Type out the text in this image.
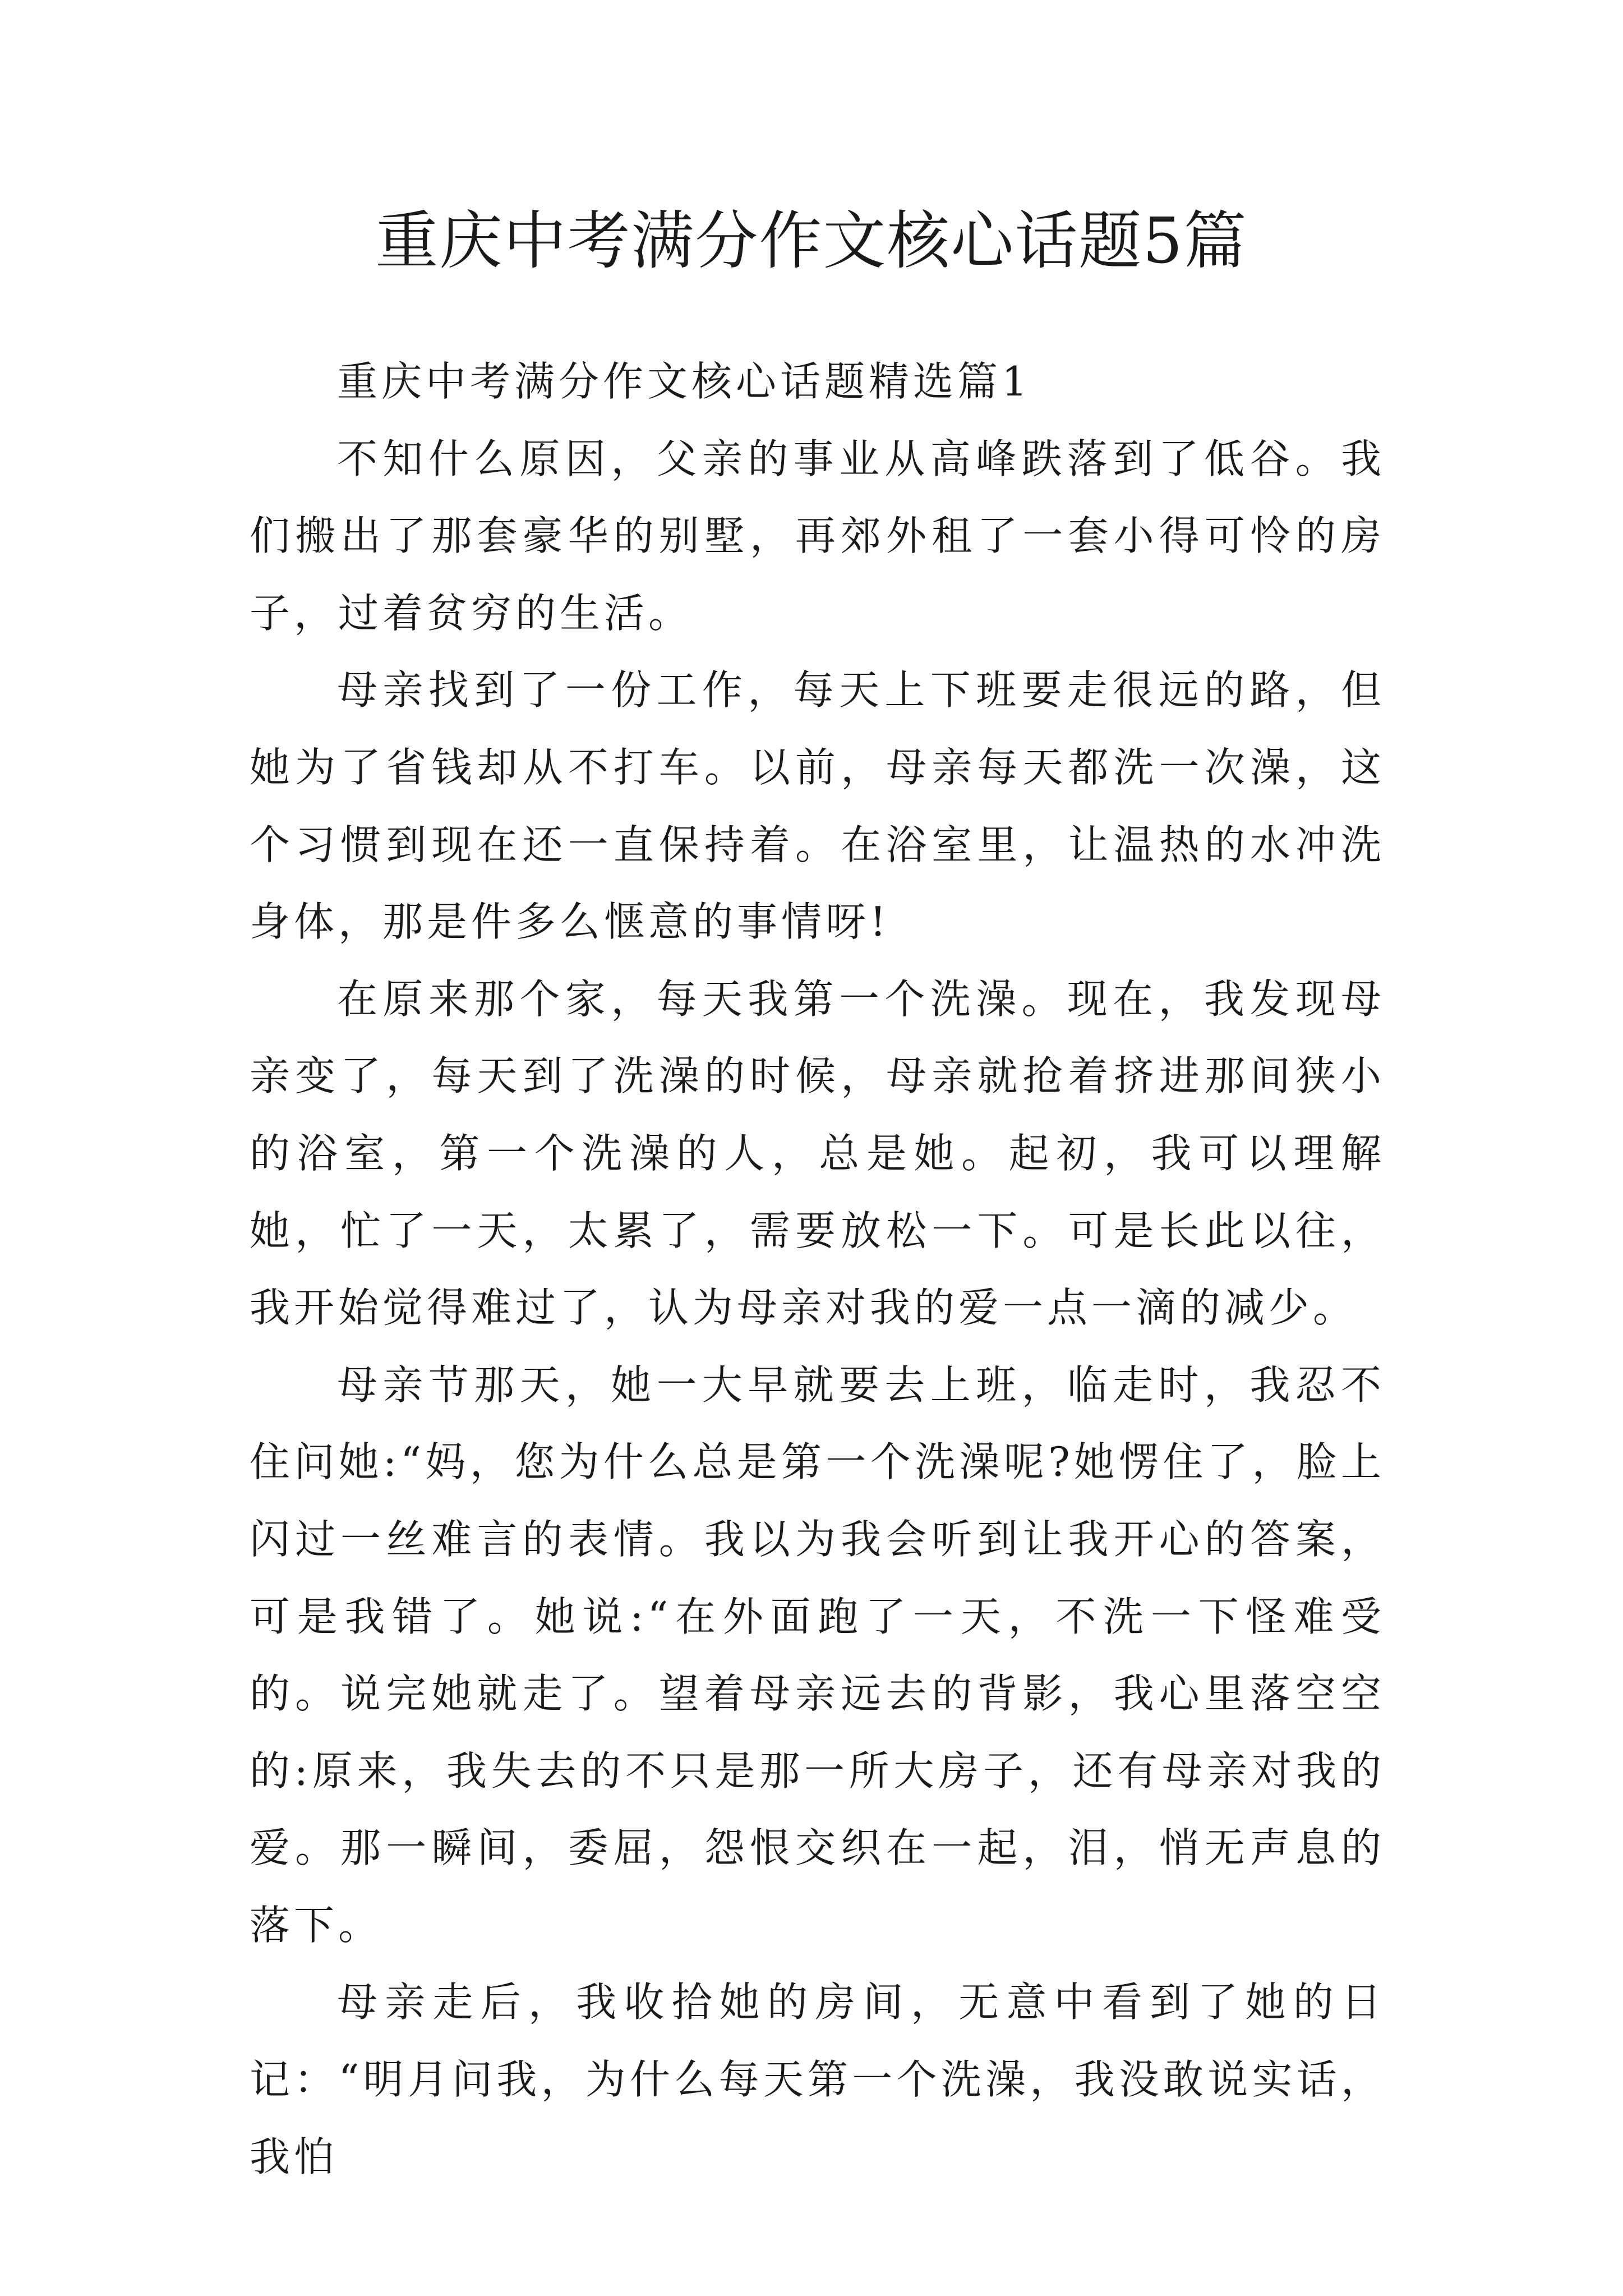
重庆中考满分作文核心话题5篇

重庆中考满分作文核心话题精选篇1

不知什么原因，父亲的事业从高峰跌落到了低谷。我们搬出了那套豪华的别墅，再郊外租了一套小得可怜的房子，过着贫穷的生活。

母亲找到了一份工作，每天上下班要走很远的路，但她为了省钱却从不打车。以前，母亲每天都洗一次澡，这个习惯到现在还一直保持着。在浴室里，让温热的水冲洗身体，那是件多么惬意的事情呀!

在原来那个家，每天我第一个洗澡。现在，我发现母亲变了，每天到了洗澡的时候，母亲就抢着挤进那间狭小的浴室，第一个洗澡的人，总是她。起初，我可以理解她，忙了一天，太累了，需要放松一下。可是长此以往，我开始觉得难过了，认为母亲对我的爱一点一滴的减少。

母亲节那天，她一大早就要去上班，临走时，我忍不住问她:“妈，您为什么总是第一个洗澡呢?她愣住了，脸上闪过一丝难言的表情。我以为我会听到让我开心的答案，可是我错了。她说:“在外面跑了一天，不洗一下怪难受的。说完她就走了。望着母亲远去的背影，我心里落空空的:原来，我失去的不只是那一所大房子，还有母亲对我的爱。那一瞬间，委屈，怨恨交织在一起，泪，悄无声息的落下。

母亲走后，我收拾她的房间，无意中看到了她的日记：“明月问我，为什么每天第一个洗澡，我没敢说实话，我怕
